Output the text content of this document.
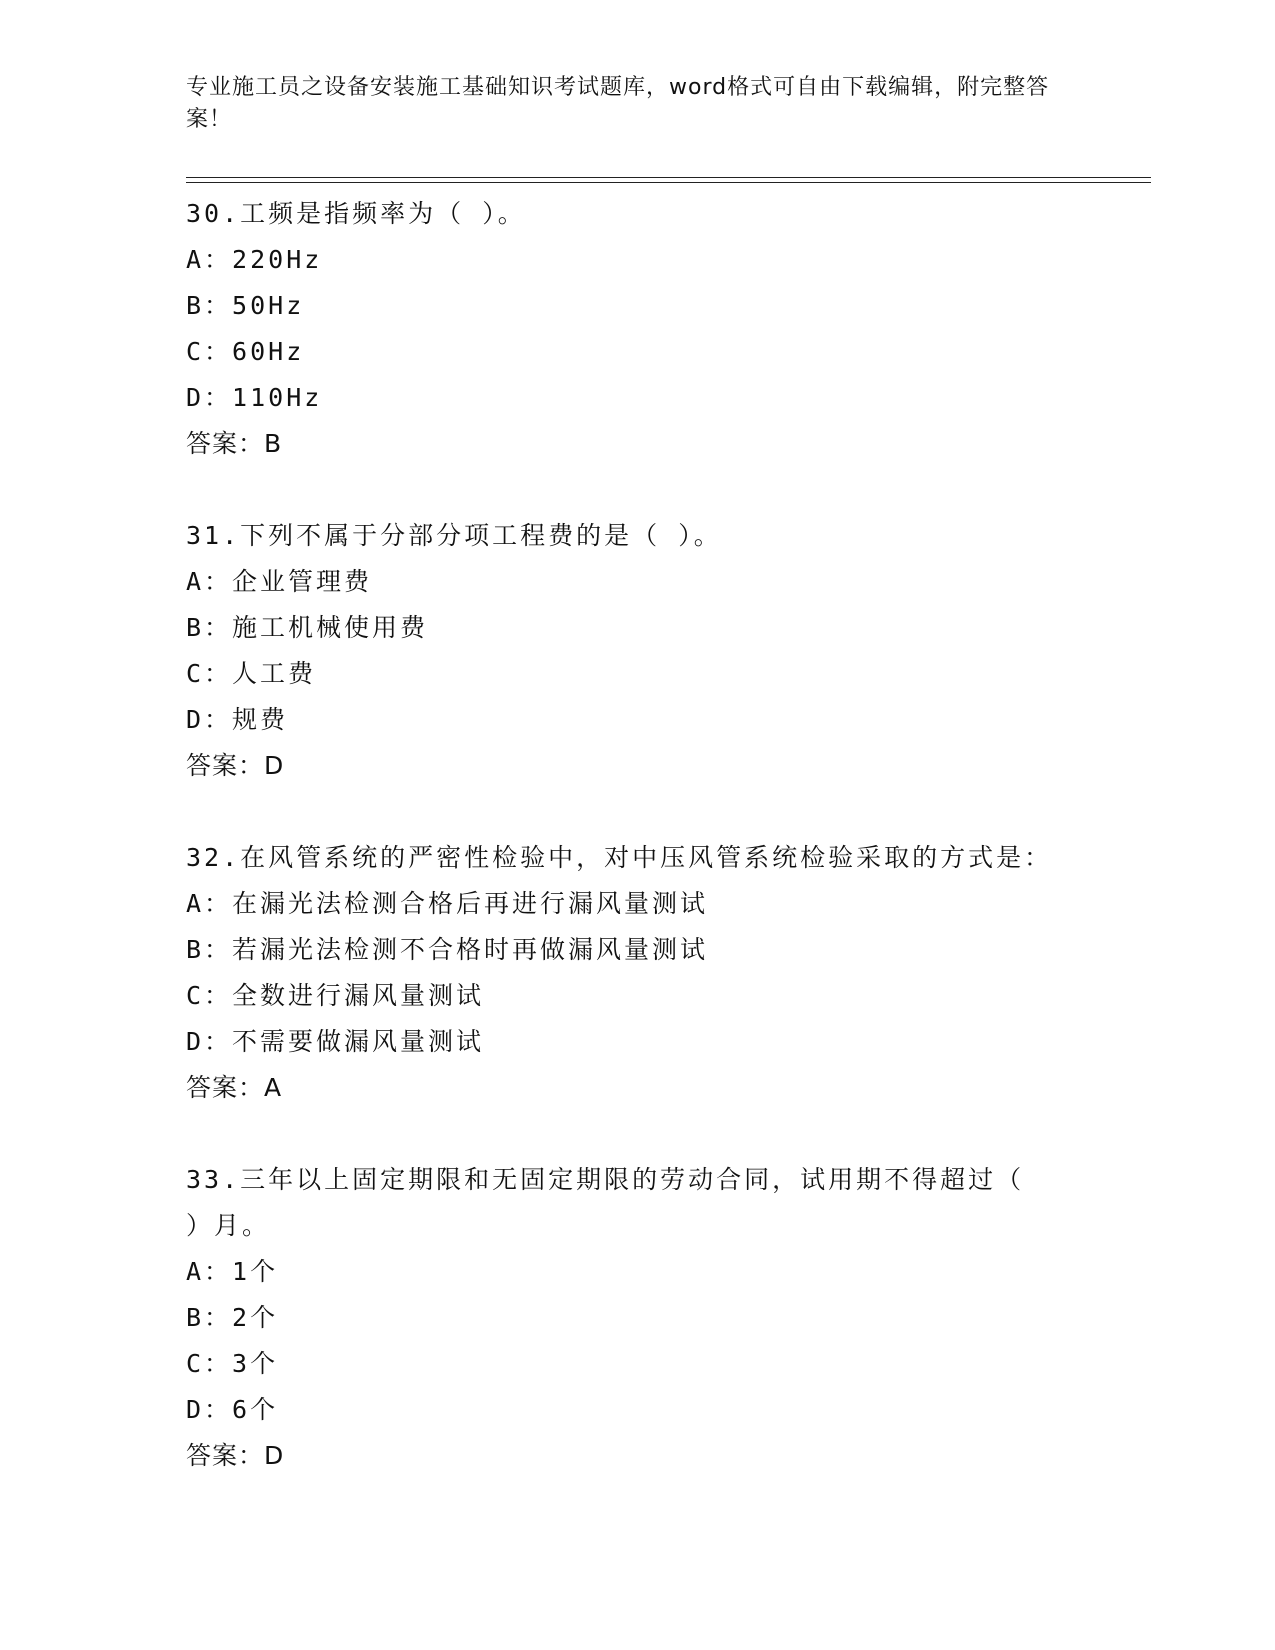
专业施工员之设备安装施工基础知识考试题库，word格式可自由下载编辑，附完整答案！
30.工频是指频率为（ ）。
A：220Hz
B：50Hz
C：60Hz
D：110Hz
答案：B
31.下列不属于分部分项工程费的是（ ）。
A：企业管理费
B：施工机械使用费
C：人工费
D：规费
答案：D
32.在风管系统的严密性检验中，对中压风管系统检验采取的方式是：
A：在漏光法检测合格后再进行漏风量测试
B：若漏光法检测不合格时再做漏风量测试
C：全数进行漏风量测试
D：不需要做漏风量测试
答案：A
33.三年以上固定期限和无固定期限的劳动合同，试用期不得超过（
）月。
A：1个
B：2个
C：3个
D：6个
答案：D
